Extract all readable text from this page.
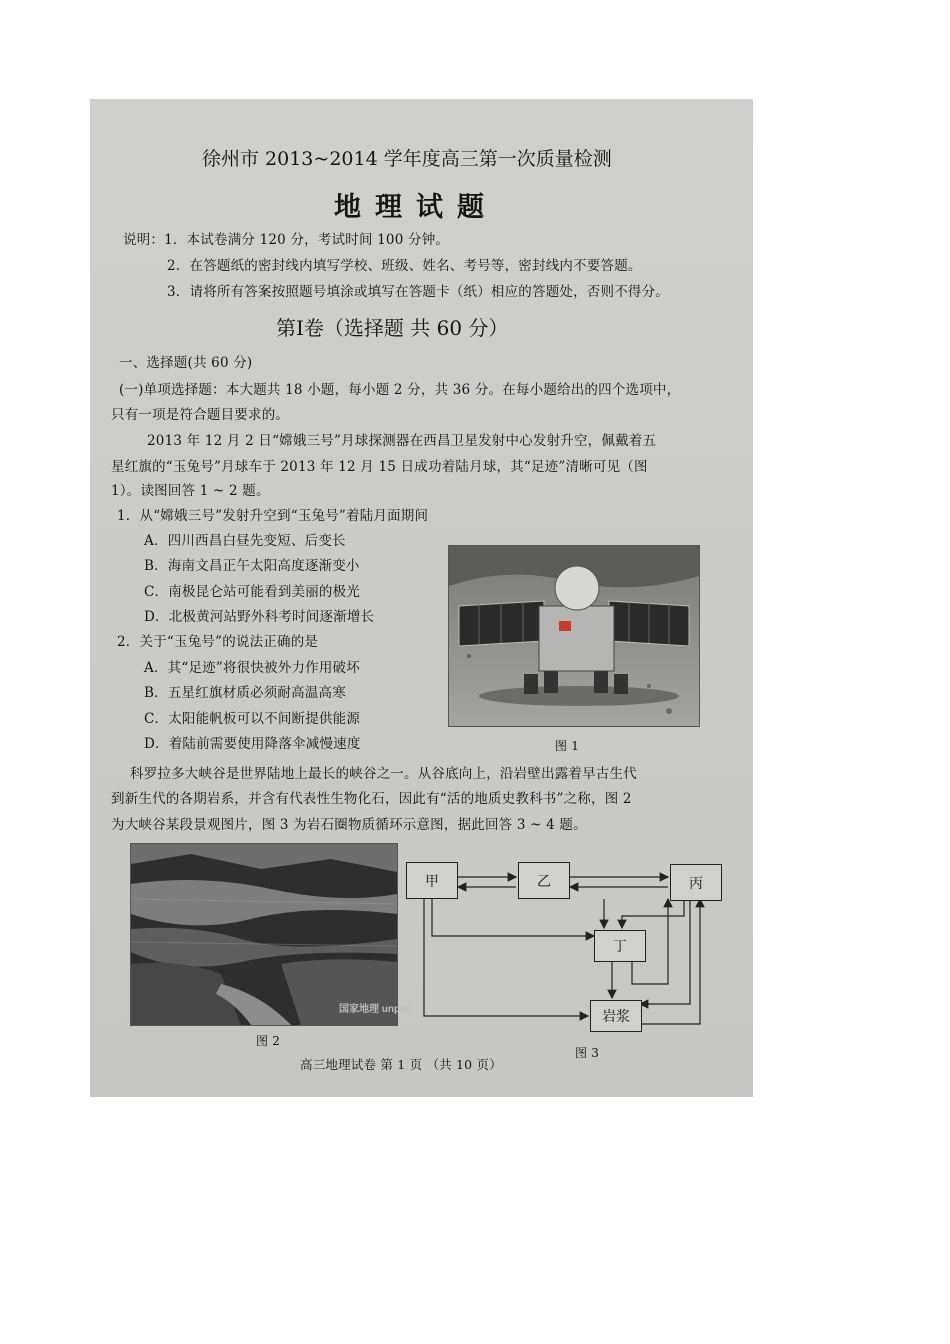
徐州市 2013~2014 学年度高三第一次质量检测
地理试题
说明：1．本试卷满分 120 分，考试时间 100 分钟。
2．在答题纸的密封线内填写学校、班级、姓名、考号等，密封线内不要答题。
3．请将所有答案按照题号填涂或填写在答题卡（纸）相应的答题处，否则不得分。
第Ⅰ卷（选择题 共 60 分）
一、选择题(共 60 分)
(一)单项选择题：本大题共 18 小题，每小题 2 分，共 36 分。在每小题给出的四个选项中，
只有一项是符合题目要求的。
2013 年 12 月 2 日“嫦娥三号”月球探测器在西昌卫星发射中心发射升空，佩戴着五
星红旗的“玉兔号”月球车于 2013 年 12 月 15 日成功着陆月球，其“足迹”清晰可见（图
1）。读图回答 1 ~ 2 题。
1．从“嫦娥三号”发射升空到“玉兔号”着陆月面期间
A．四川西昌白昼先变短、后变长
B．海南文昌正午太阳高度逐渐变小
C．南极昆仑站可能看到美丽的极光
D．北极黄河站野外科考时间逐渐增长
2．关于“玉兔号”的说法正确的是
A．其“足迹”将很快被外力作用破坏
B．五星红旗材质必须耐高温高寒
C．太阳能帆板可以不间断提供能源
D．着陆前需要使用降落伞减慢速度	图 1
科罗拉多大峡谷是世界陆地上最长的峡谷之一。从谷底向上，沿岩壁出露着早古生代
到新生代的各期岩系，并含有代表性生物化石，因此有“活的地质史教科书”之称，图 2
为大峡谷某段景观图片，图 3 为岩石圈物质循环示意图，据此回答 3 ~ 4 题。
国家地理 unpen
图 2
甲	乙	丙
丁
岩浆
图 3
高三地理试卷 第 1 页 （共 10 页）
